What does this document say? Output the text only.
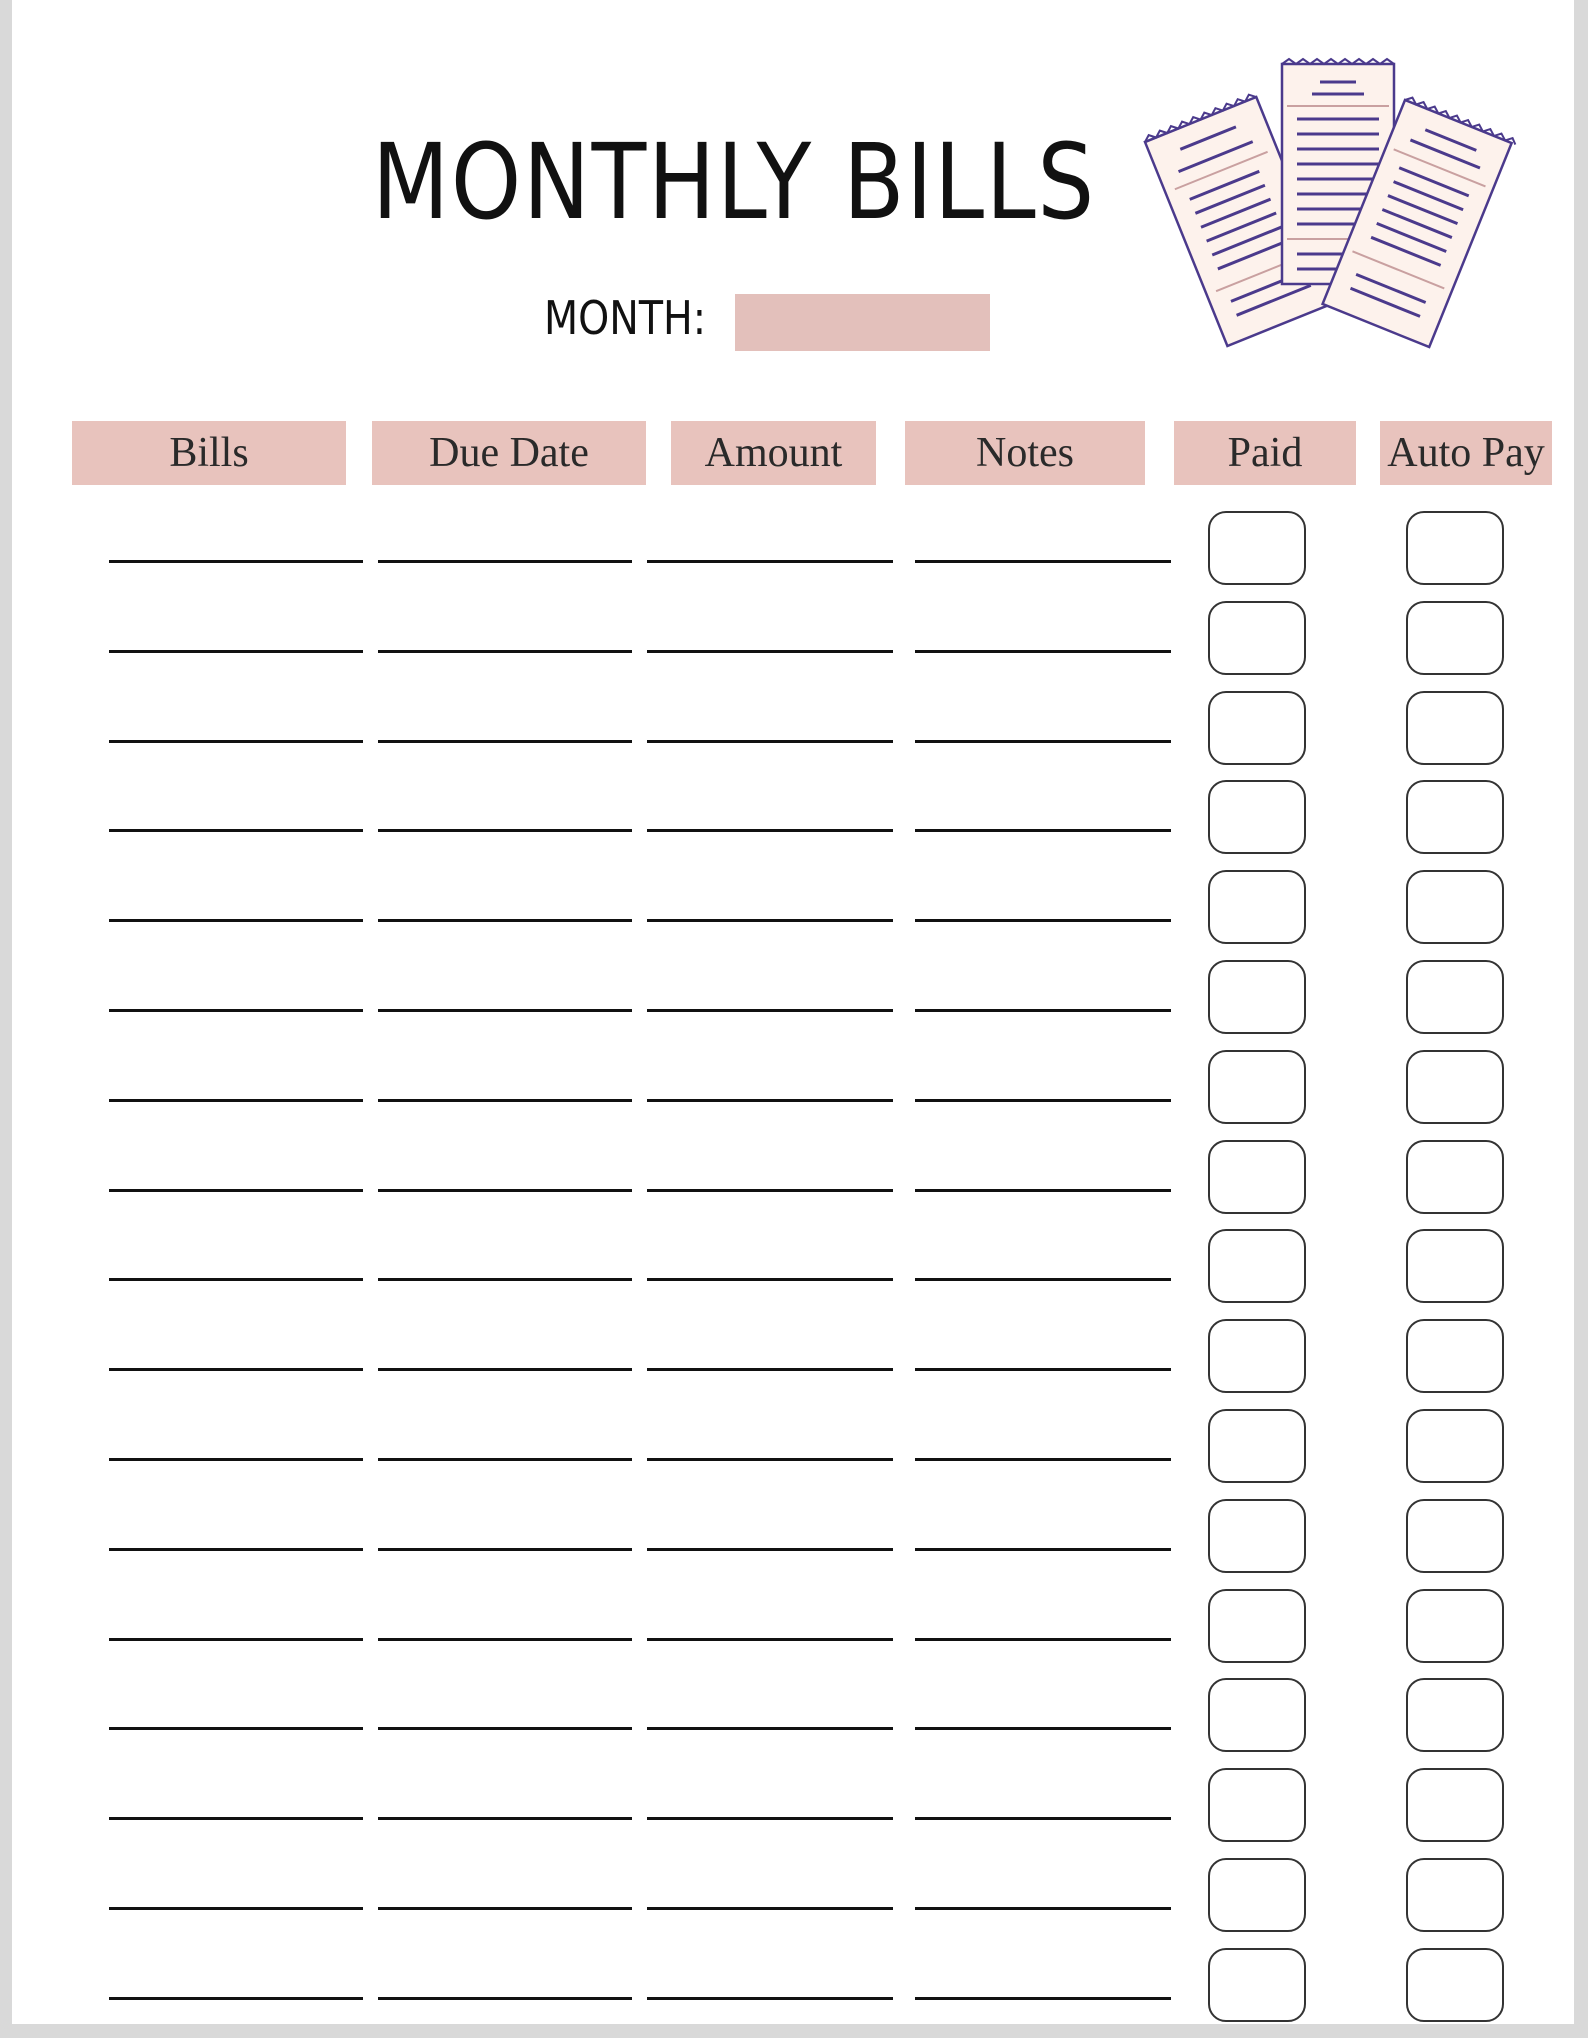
MONTHLY BILLS
MONTH:
Bills	Due Date	Amount	Notes	Paid	Auto Pay
